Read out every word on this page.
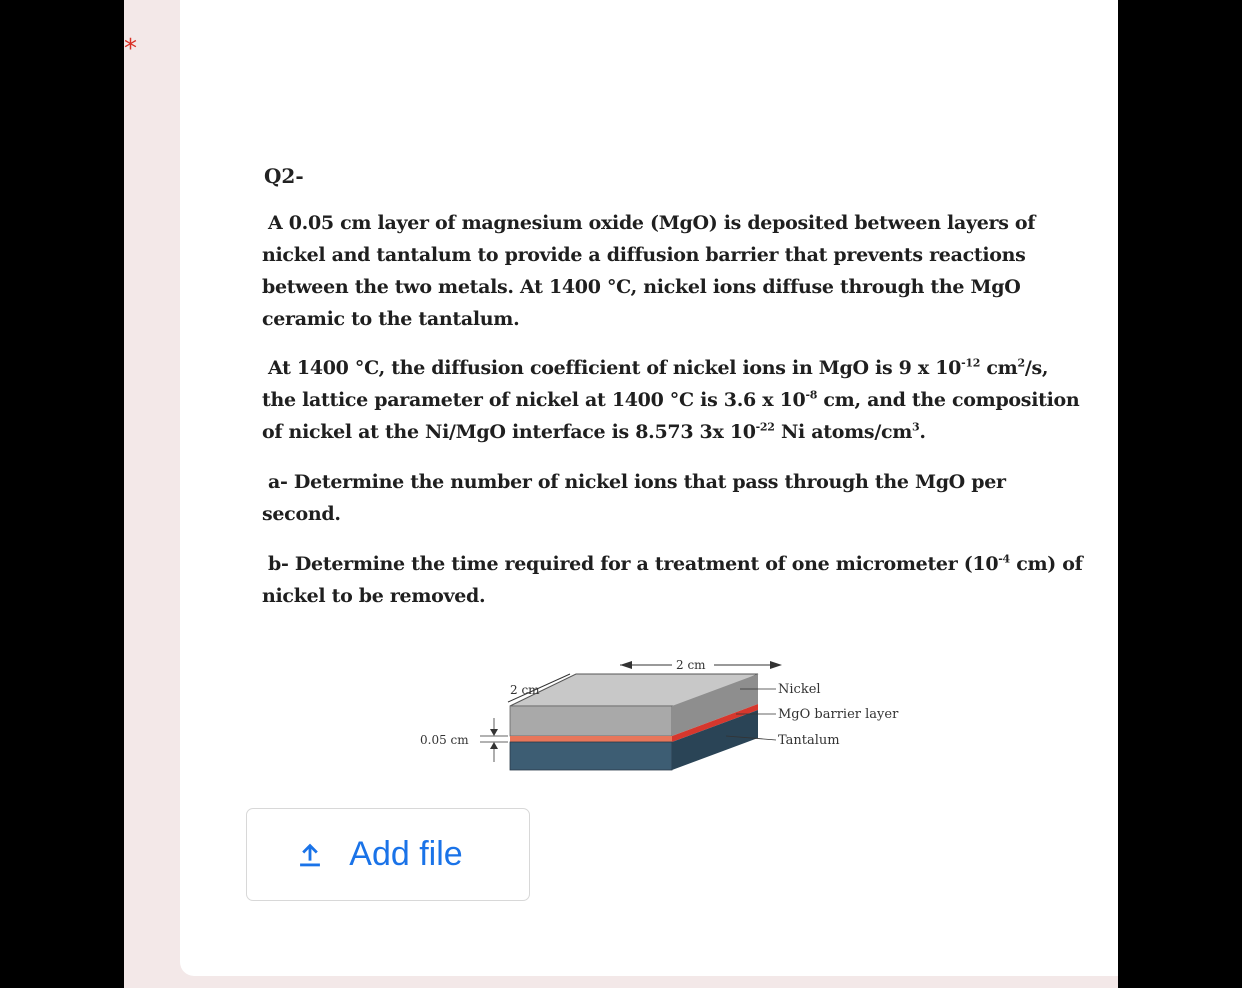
*
Q2-
A 0.05 cm layer of magnesium oxide (MgO) is deposited between layers of
nickel and tantalum to provide a diffusion barrier that prevents reactions
between the two metals. At 1400 °C, nickel ions diffuse through the MgO
ceramic to the tantalum.
At 1400 °C, the diffusion coefficient of nickel ions in MgO is 9 x $10^{-12}$ $cm^2/s$,
the lattice parameter of nickel at 1400 °C is 3.6 x $10^{-8}$ cm, and the composition
of nickel at the Ni/MgO interface is 8.573 3x $10^{-22}$ Ni atoms/$cm^3$.
a- Determine the number of nickel ions that pass through the MgO per
second.
b- Determine the time required for a treatment of one micrometer ($10^{-4}$ cm) of
nickel to be removed.
2 cm
2 cm
0.05 cm
Nickel
MgO barrier layer
Tantalum
Add file
